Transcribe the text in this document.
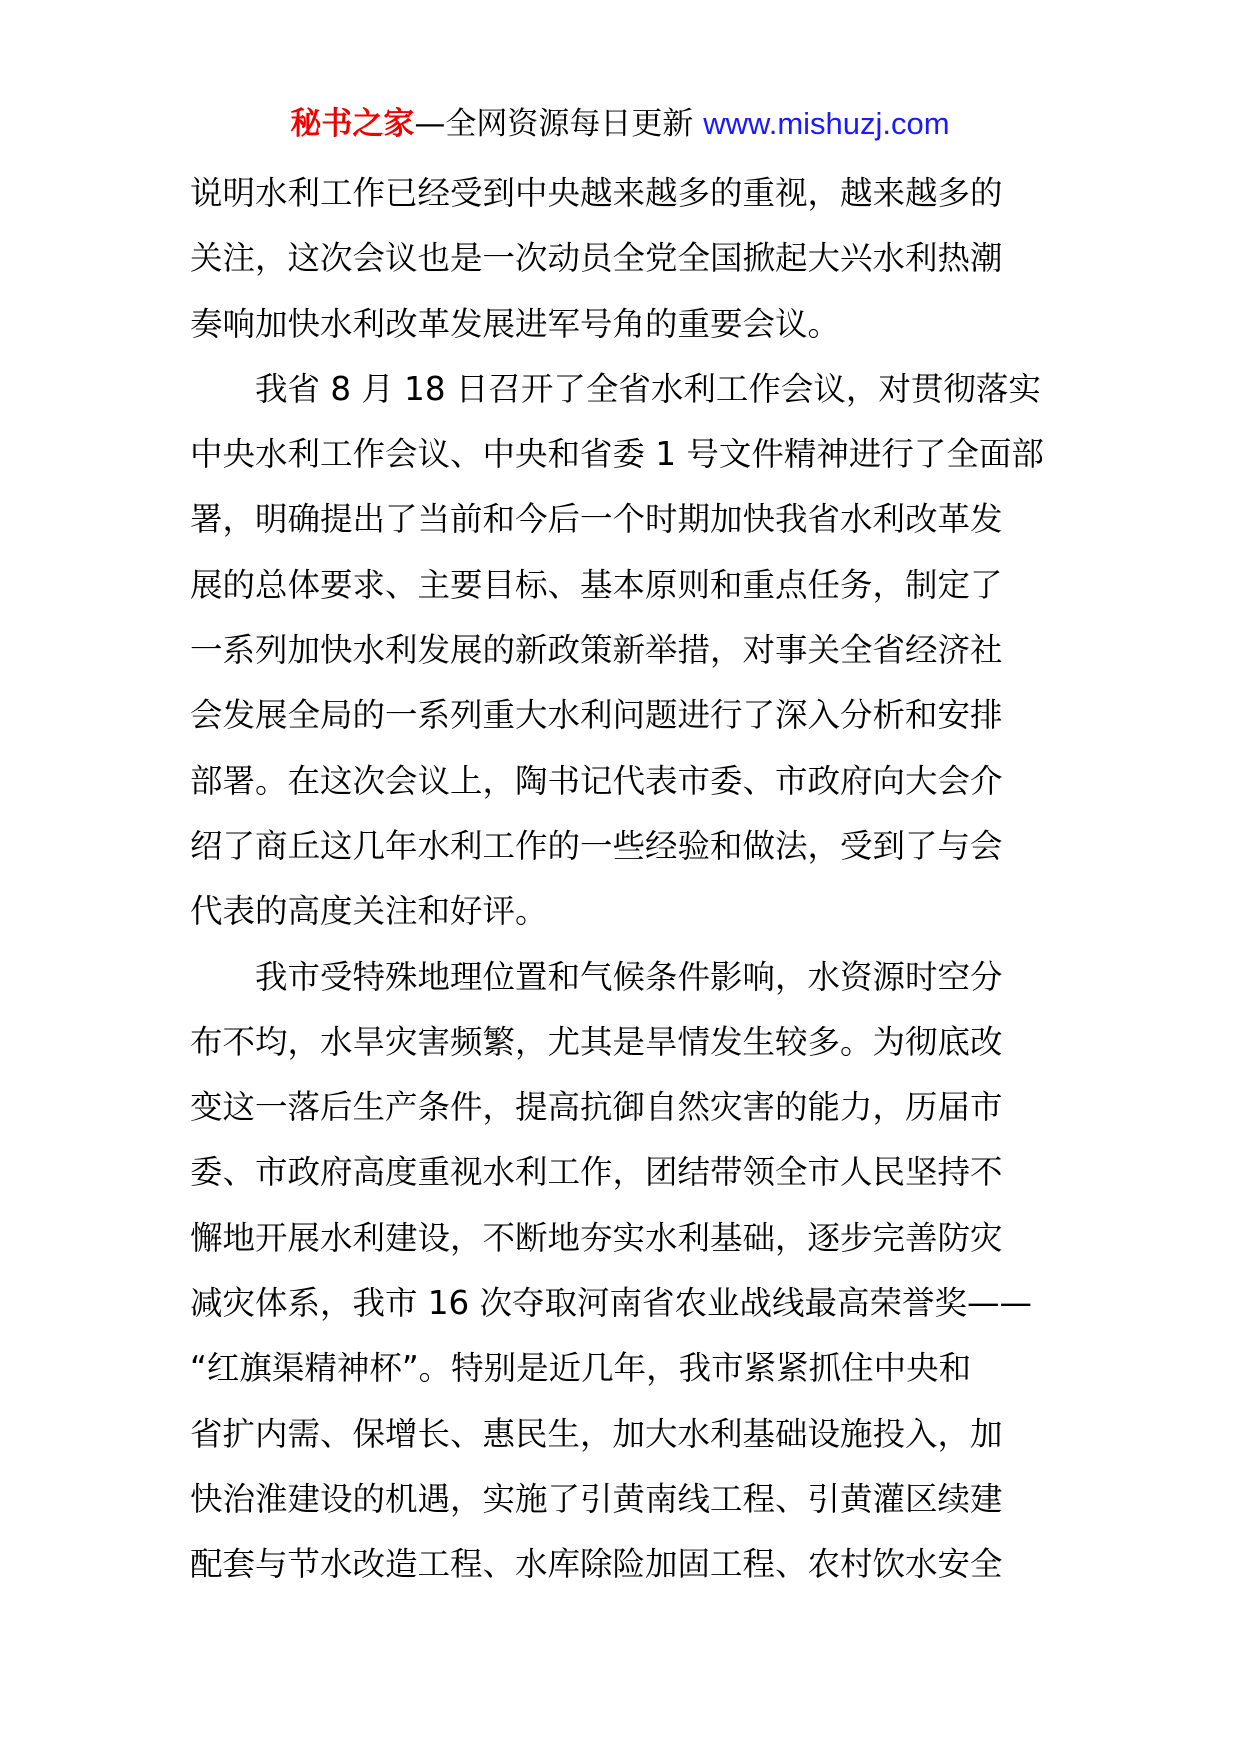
秘书之家—全网资源每日更新 www.mishuzj.com
说明水利工作已经受到中央越来越多的重视，越来越多的
关注，这次会议也是一次动员全党全国掀起大兴水利热潮
奏响加快水利改革发展进军号角的重要会议。
我省 8 月 18 日召开了全省水利工作会议，对贯彻落实
中央水利工作会议、中央和省委 1 号文件精神进行了全面部
署，明确提出了当前和今后一个时期加快我省水利改革发
展的总体要求、主要目标、基本原则和重点任务，制定了
一系列加快水利发展的新政策新举措，对事关全省经济社
会发展全局的一系列重大水利问题进行了深入分析和安排
部署。在这次会议上，陶书记代表市委、市政府向大会介
绍了商丘这几年水利工作的一些经验和做法，受到了与会
代表的高度关注和好评。
我市受特殊地理位置和气候条件影响，水资源时空分
布不均，水旱灾害频繁，尤其是旱情发生较多。为彻底改
变这一落后生产条件，提高抗御自然灾害的能力，历届市
委、市政府高度重视水利工作，团结带领全市人民坚持不
懈地开展水利建设，不断地夯实水利基础，逐步完善防灾
减灾体系，我市 16 次夺取河南省农业战线最高荣誉奖——
“红旗渠精神杯”。特别是近几年，我市紧紧抓住中央和
省扩内需、保增长、惠民生，加大水利基础设施投入，加
快治淮建设的机遇，实施了引黄南线工程、引黄灌区续建
配套与节水改造工程、水库除险加固工程、农村饮水安全
